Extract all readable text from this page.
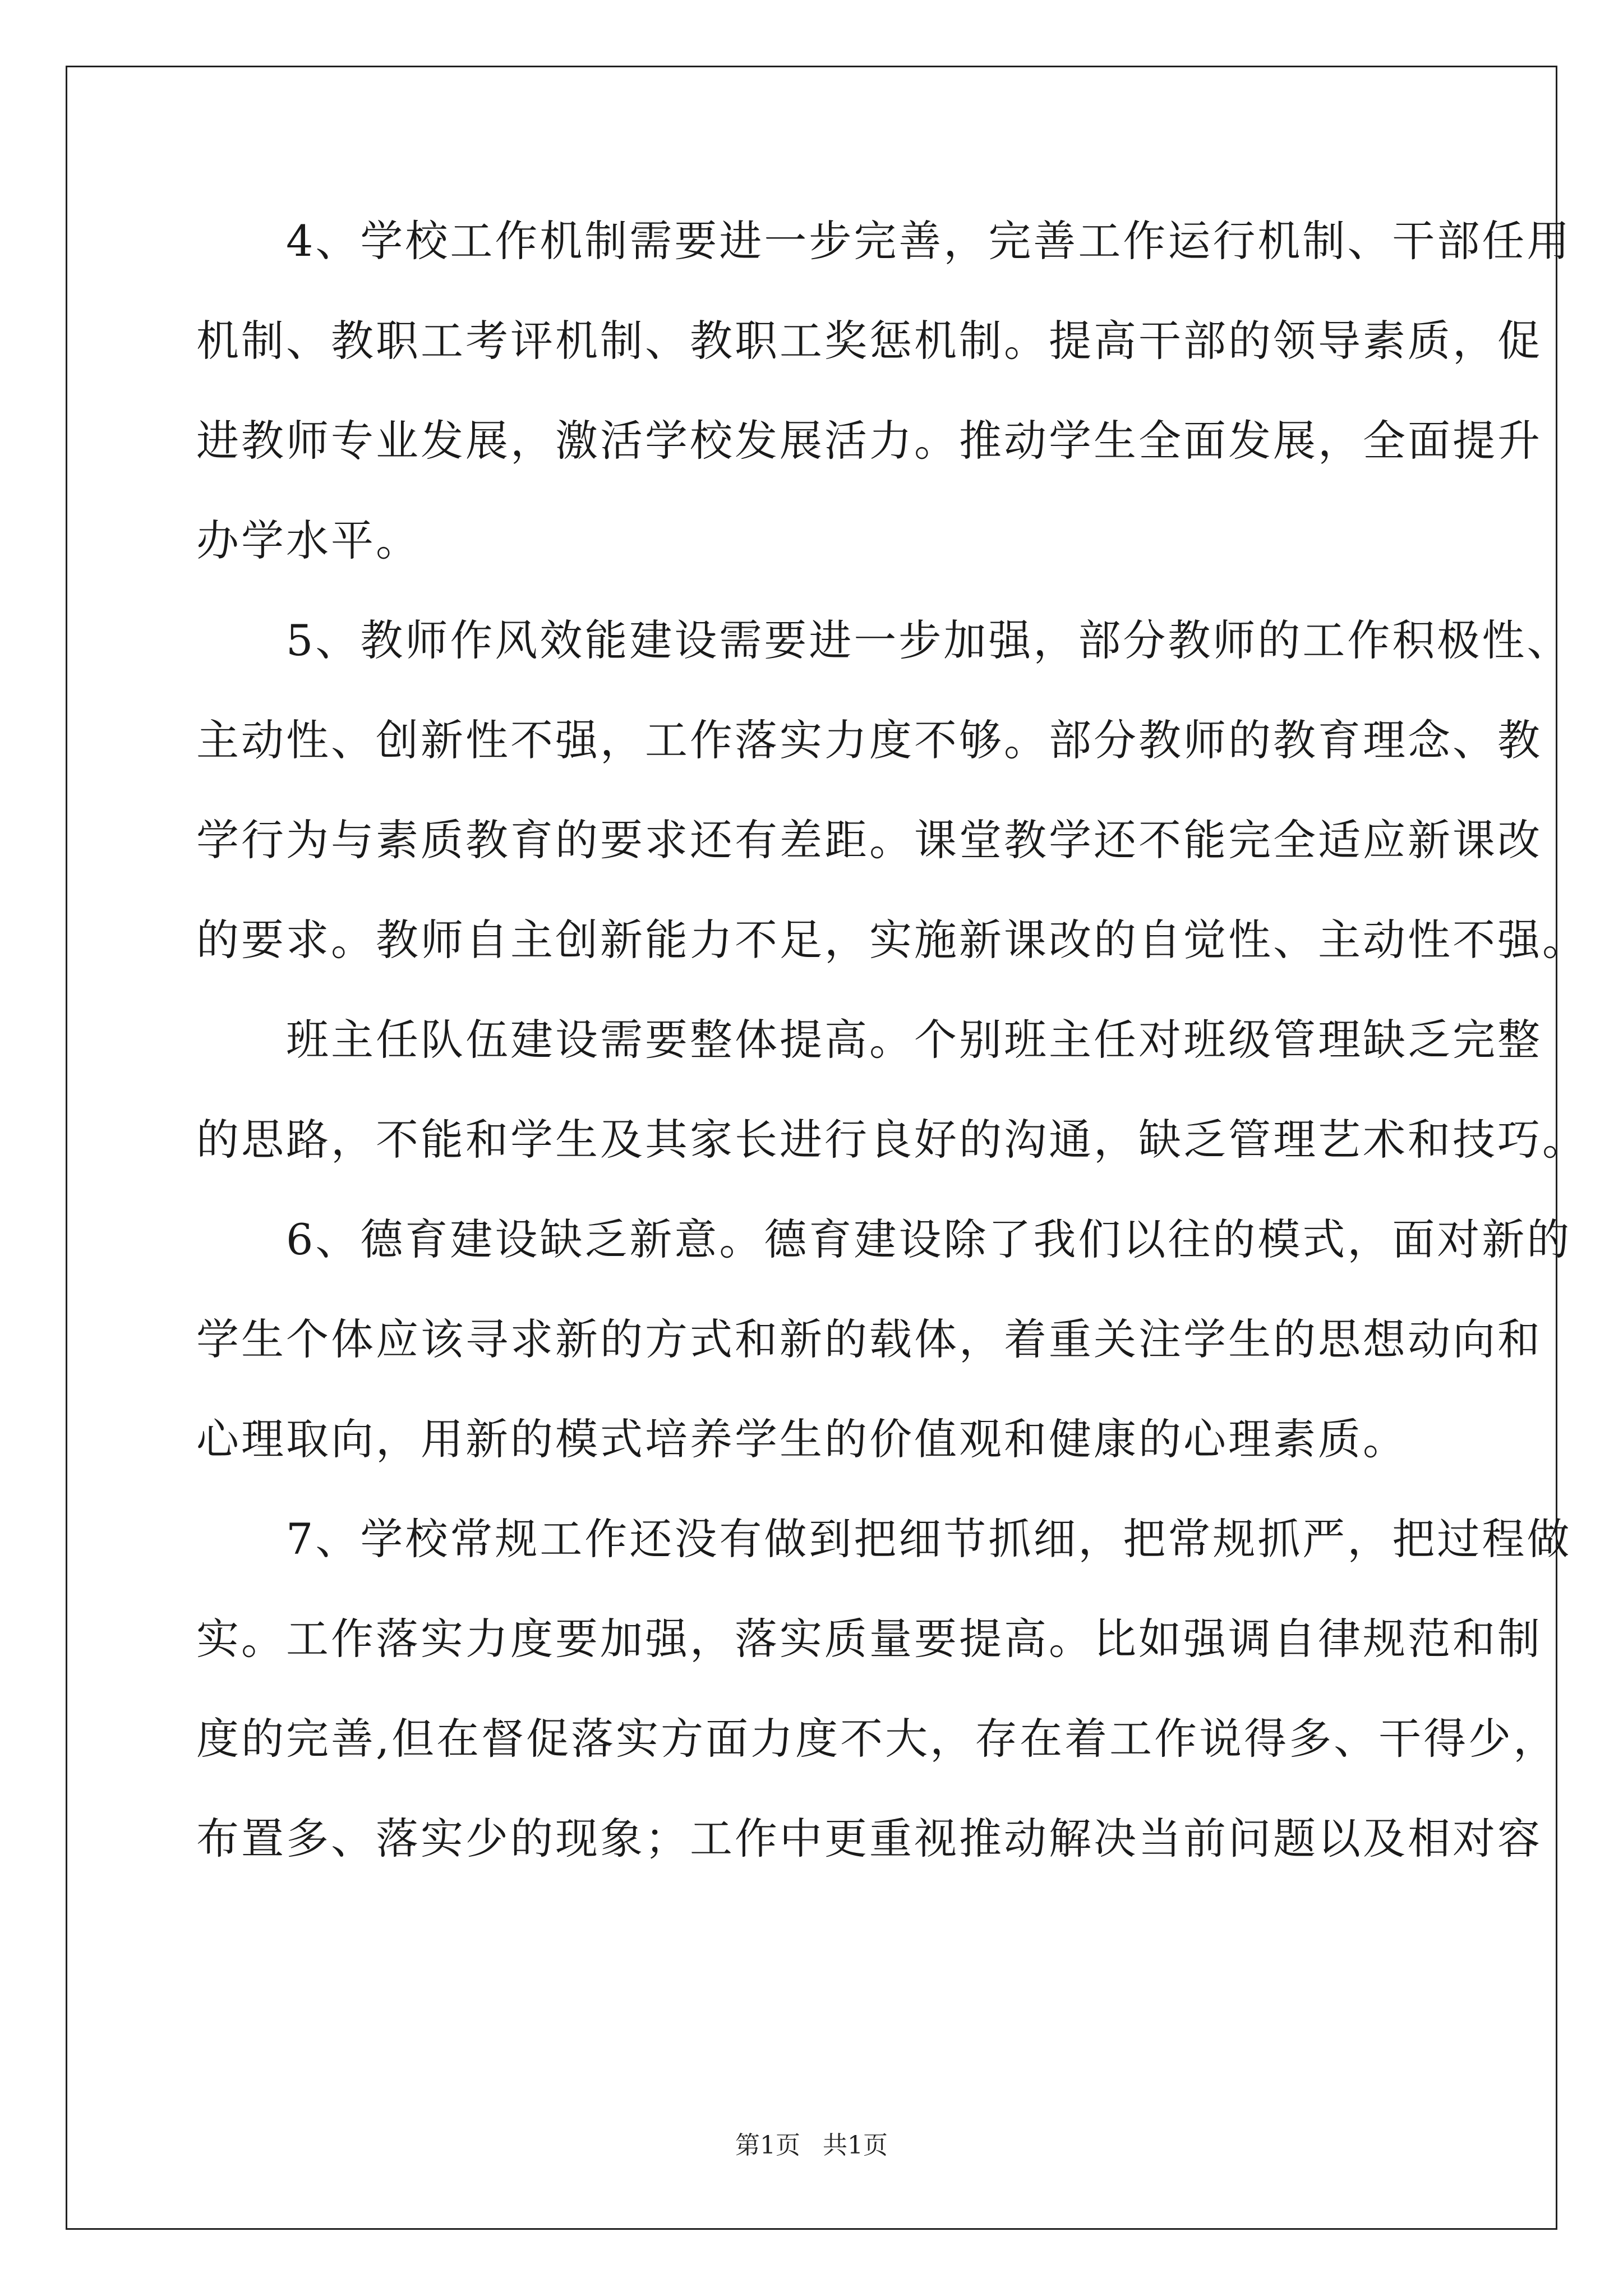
　　4、学校工作机制需要进一步完善，完善工作运行机制、干部任用
机制、教职工考评机制、教职工奖惩机制。提高干部的领导素质，促
进教师专业发展，激活学校发展活力。推动学生全面发展，全面提升
办学水平。
　　5、教师作风效能建设需要进一步加强，部分教师的工作积极性、
主动性、创新性不强，工作落实力度不够。部分教师的教育理念、教
学行为与素质教育的要求还有差距。课堂教学还不能完全适应新课改
的要求。教师自主创新能力不足，实施新课改的自觉性、主动性不强。
　　班主任队伍建设需要整体提高。个别班主任对班级管理缺乏完整
的思路，不能和学生及其家长进行良好的沟通，缺乏管理艺术和技巧。
　　6、德育建设缺乏新意。德育建设除了我们以往的模式，面对新的
学生个体应该寻求新的方式和新的载体，着重关注学生的思想动向和
心理取向，用新的模式培养学生的价值观和健康的心理素质。
　　7、学校常规工作还没有做到把细节抓细，把常规抓严，把过程做
实。工作落实力度要加强，落实质量要提高。比如强调自律规范和制
度的完善,但在督促落实方面力度不大，存在着工作说得多、干得少，
布置多、落实少的现象；工作中更重视推动解决当前问题以及相对容
第1页 共1页
